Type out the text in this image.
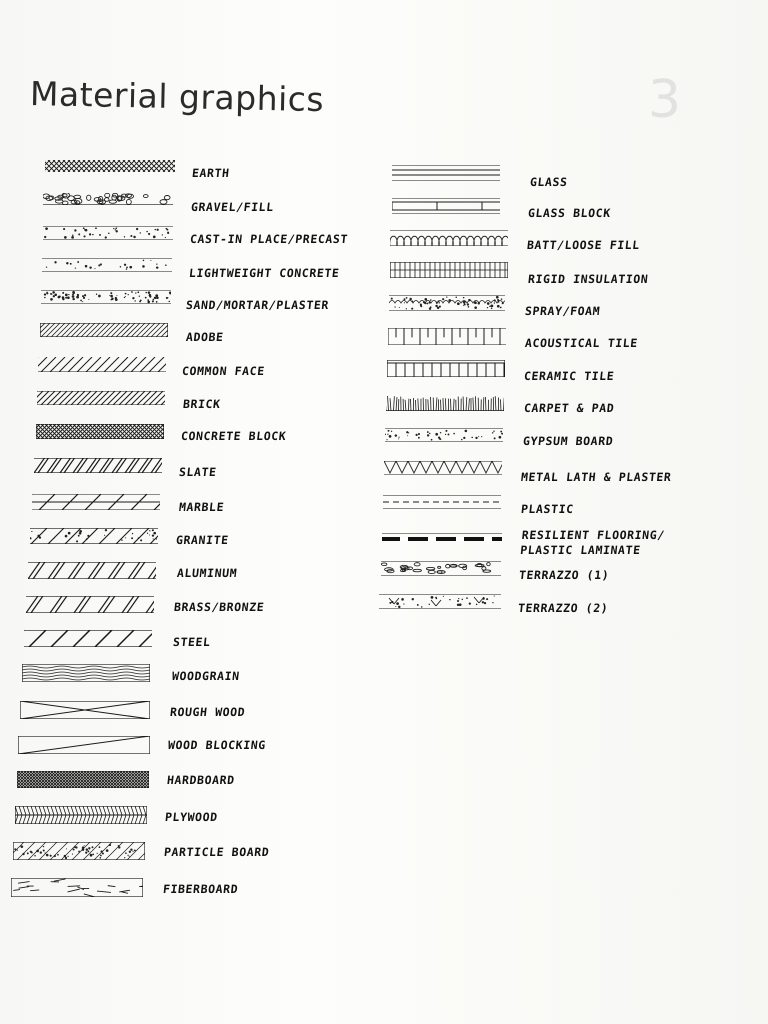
Material graphics	3
EARTH
GRAVEL/FILL
CAST-IN PLACE/PRECAST
LIGHTWEIGHT CONCRETE
SAND/MORTAR/PLASTER
ADOBE
COMMON FACE
BRICK
CONCRETE BLOCK
SLATE
MARBLE
GRANITE
ALUMINUM
BRASS/BRONZE
STEEL
WOODGRAIN
ROUGH WOOD
WOOD BLOCKING
HARDBOARD
PLYWOOD
PARTICLE BOARD
FIBERBOARD
GLASS
GLASS BLOCK
BATT/LOOSE FILL
RIGID INSULATION
SPRAY/FOAM
ACOUSTICAL TILE
CERAMIC TILE
CARPET & PAD
GYPSUM BOARD
METAL LATH & PLASTER
PLASTIC
RESILIENT FLOORING/ PLASTIC LAMINATE
TERRAZZO (1)
TERRAZZO (2)
